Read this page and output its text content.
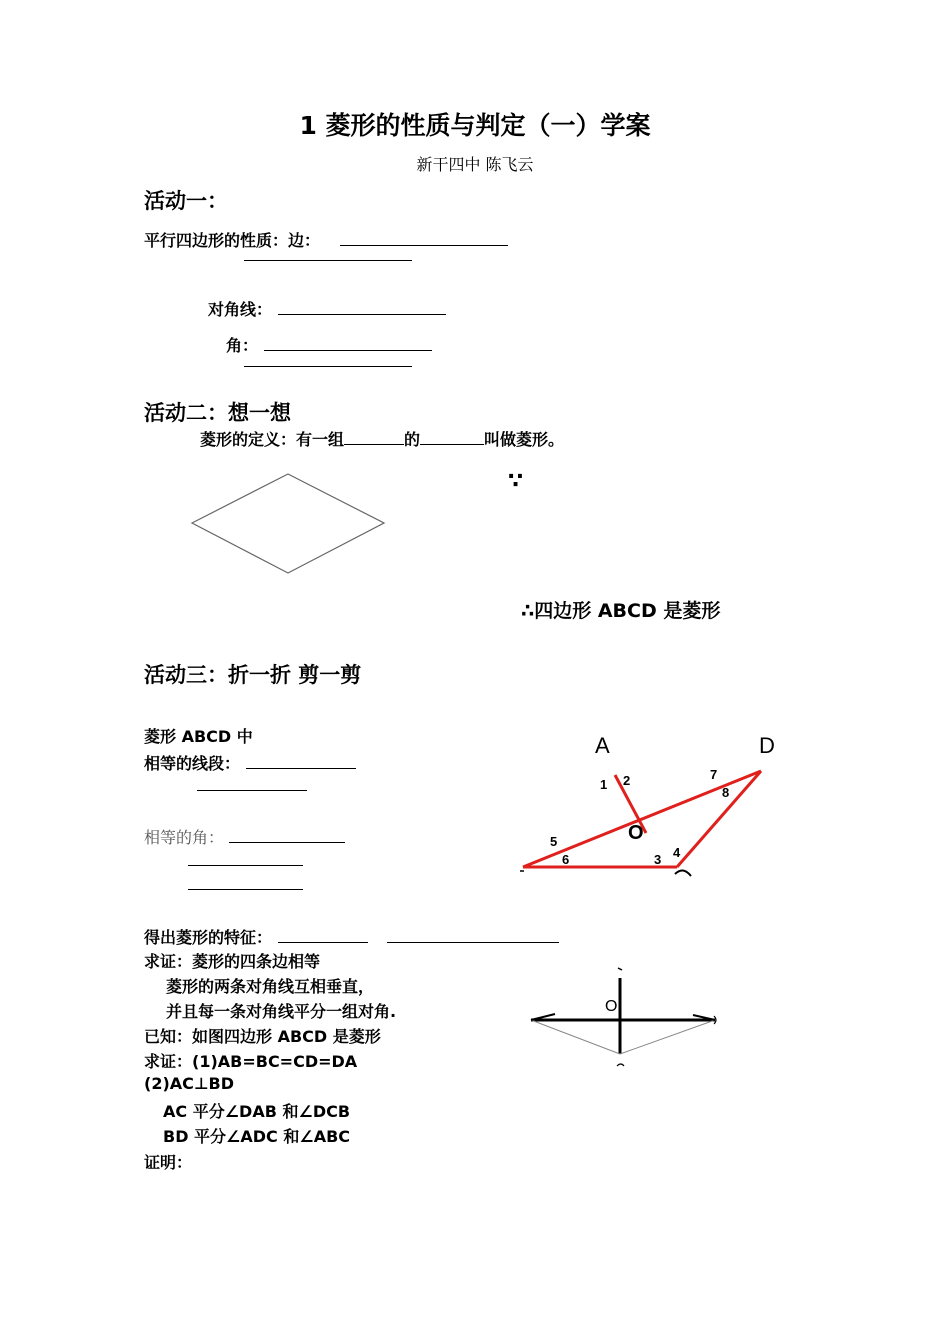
1 菱形的性质与判定（一）学案
新干四中 陈飞云
活动一：
平行四边形的性质：边：
对角线：
角：
活动二：想一想
菱形的定义：有一组	的	叫做菱形。
∵
∴四边形 ABCD 是菱形
活动三：折一折 剪一剪
菱形 ABCD 中
相等的线段：
相等的角：
A	D
O
1 2
3 4
5
6
7
8
得出菱形的特征：
求证：菱形的四条边相等
菱形的两条对角线互相垂直，
并且每一条对角线平分一组对角.
已知：如图四边形 ABCD 是菱形
求证：(1)AB=BC=CD=DA
(2)AC⊥BD
AC 平分∠DAB 和∠DCB
BD 平分∠ADC 和∠ABC
证明：
O
